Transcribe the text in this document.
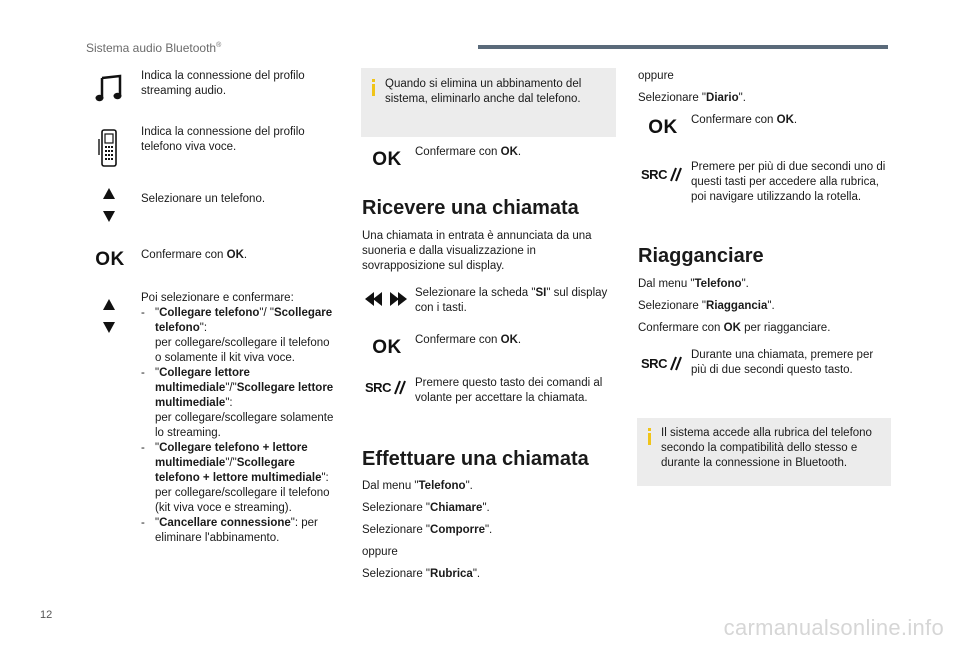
Sistema audio Bluetooth®
Indica la connessione del profilo streaming audio.
Indica la connessione del profilo telefono viva voce.
Selezionare un telefono.
OK	Confermare con OK.
Poi selezionare e confermare:
- "Collegare telefono"/ "Scollegare telefono":
per collegare/scollegare il telefono o solamente il kit viva voce.
- "Collegare lettore multimediale"/"Scollegare lettore multimediale":
per collegare/scollegare solamente lo streaming.
- "Collegare telefono + lettore multimediale"/"Scollegare telefono + lettore multimediale":
per collegare/scollegare il telefono (kit viva voce e streaming).
- "Cancellare connessione": per eliminare l'abbinamento.
Quando si elimina un abbinamento del sistema, eliminarlo anche dal telefono.
OK	Confermare con OK.
Ricevere una chiamata
Una chiamata in entrata è annunciata da una suoneria e dalla visualizzazione in sovrapposizione sul display.
Selezionare la scheda "SI" sul display con i tasti.
OK	Confermare con OK.
SRC Premere questo tasto dei comandi al volante per accettare la chiamata.
Effettuare una chiamata
Dal menu "Telefono".
Selezionare "Chiamare".
Selezionare "Comporre".
oppure
Selezionare "Rubrica".
oppure
Selezionare "Diario".
OK	Confermare con OK.
SRC Premere per più di due secondi uno di questi tasti per accedere alla rubrica, poi navigare utilizzando la rotella.
Riagganciare
Dal menu "Telefono".
Selezionare "Riaggancia".
Confermare con OK per riagganciare.
SRC
Durante una chiamata, premere per più di due secondi questo tasto.
Il sistema accede alla rubrica del telefono secondo la compatibilità dello stesso e durante la connessione in Bluetooth.
12	carmanualsonline.info
